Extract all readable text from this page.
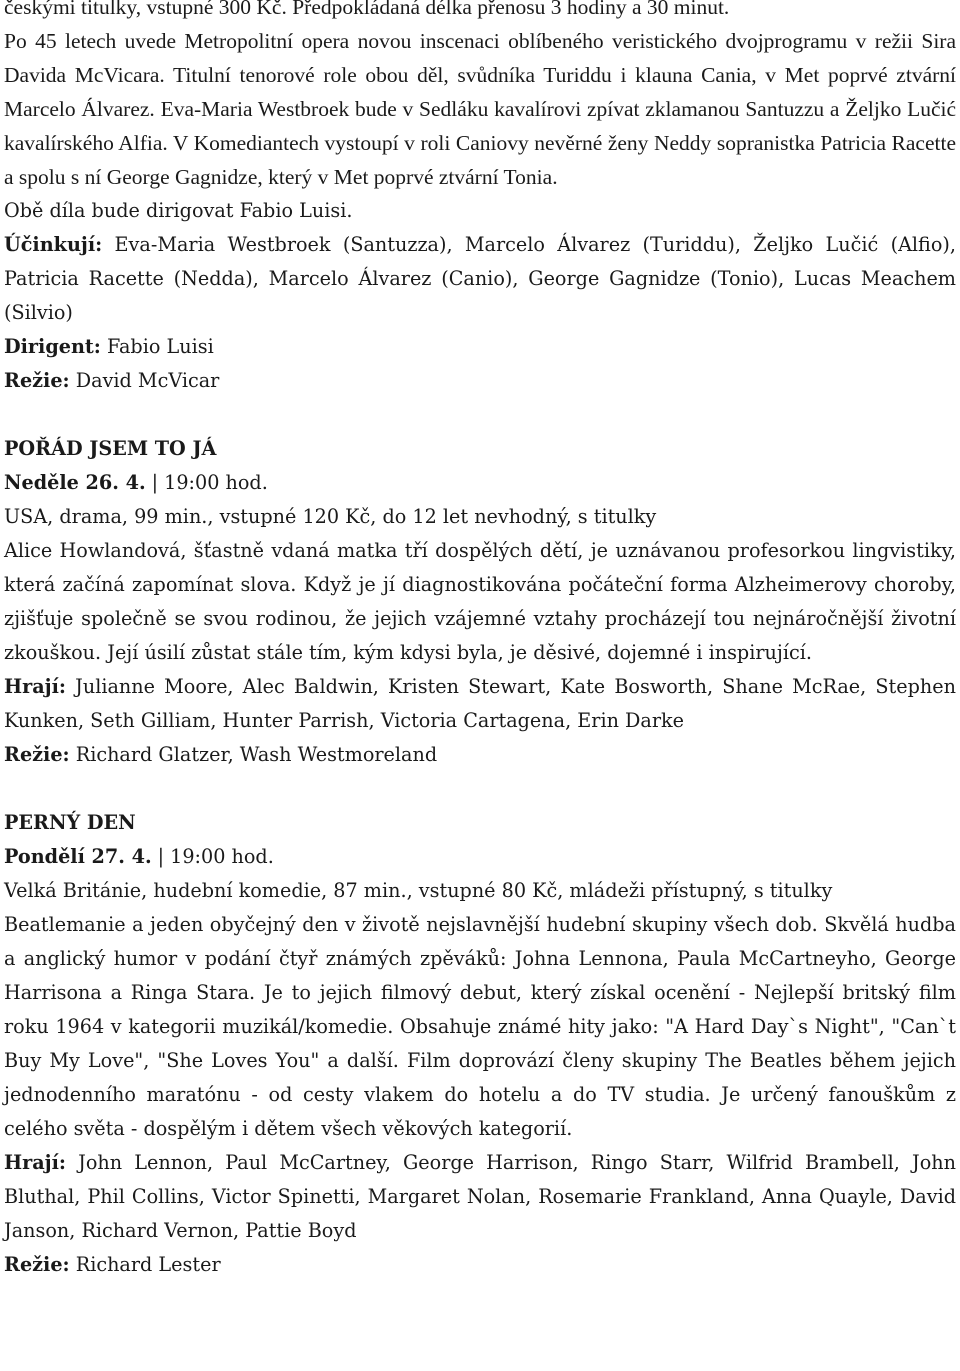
českými titulky, vstupné 300 Kč. Předpokládaná délka přenosu 3 hodiny a 30 minut.

Po 45 letech uvede Metropolitní opera novou inscenaci oblíbeného veristického dvojprogramu v režii Sira Davida McVicara. Titulní tenorové role obou děl, svůdníka Turiddu i klauna Cania, v Met poprvé ztvární Marcelo Álvarez. Eva-Maria Westbroek bude v Sedláku kavalírovi zpívat zklamanou Santuzzu a Željko Lučić kavalírského Alfia. V Komediantech vystoupí v roli Caniovy nevěrné ženy Neddy sopranistka Patricia Racette a spolu s ní George Gagnidze, který v Met poprvé ztvární Tonia.

Obě díla bude dirigovat Fabio Luisi.

Účinkují: Eva-Maria Westbroek (Santuzza), Marcelo Álvarez (Turiddu), Željko Lučić (Alfio), Patricia Racette (Nedda), Marcelo Álvarez (Canio), George Gagnidze (Tonio), Lucas Meachem (Silvio)

Dirigent: Fabio Luisi

Režie: David McVicar

POŘÁD JSEM TO JÁ

Neděle 26. 4. | 19:00 hod.

USA, drama, 99 min., vstupné 120 Kč, do 12 let nevhodný, s titulky

Alice Howlandová, šťastně vdaná matka tří dospělých dětí, je uznávanou profesorkou lingvistiky, která začíná zapomínat slova. Když je jí diagnostikována počáteční forma Alzheimerovy choroby, zjišťuje společně se svou rodinou, že jejich vzájemné vztahy procházejí tou nejnáročnější životní zkouškou. Její úsilí zůstat stále tím, kým kdysi byla, je děsivé, dojemné i inspirující.

Hrají: Julianne Moore, Alec Baldwin, Kristen Stewart, Kate Bosworth, Shane McRae, Stephen Kunken, Seth Gilliam, Hunter Parrish, Victoria Cartagena, Erin Darke

Režie: Richard Glatzer, Wash Westmoreland

PERNÝ DEN

Pondělí 27. 4. | 19:00 hod.

Velká Británie, hudební komedie, 87 min., vstupné 80 Kč, mládeži přístupný, s titulky

Beatlemanie a jeden obyčejný den v životě nejslavnější hudební skupiny všech dob. Skvělá hudba a anglický humor v podání čtyř známých zpěváků: Johna Lennona, Paula McCartneyho, George Harrisona a Ringa Stara. Je to jejich filmový debut, který získal ocenění - Nejlepší britský film roku 1964 v kategorii muzikál/komedie. Obsahuje známé hity jako: "A Hard Day`s Night", "Can`t Buy My Love", "She Loves You" a další. Film doprovází členy skupiny The Beatles během jejich jednodenního maratónu - od cesty vlakem do hotelu a do TV studia. Je určený fanouškům z celého světa - dospělým i dětem všech věkových kategorií.

Hrají: John Lennon, Paul McCartney, George Harrison, Ringo Starr, Wilfrid Brambell, John Bluthal, Phil Collins, Victor Spinetti, Margaret Nolan, Rosemarie Frankland, Anna Quayle, David Janson, Richard Vernon, Pattie Boyd

Režie: Richard Lester
